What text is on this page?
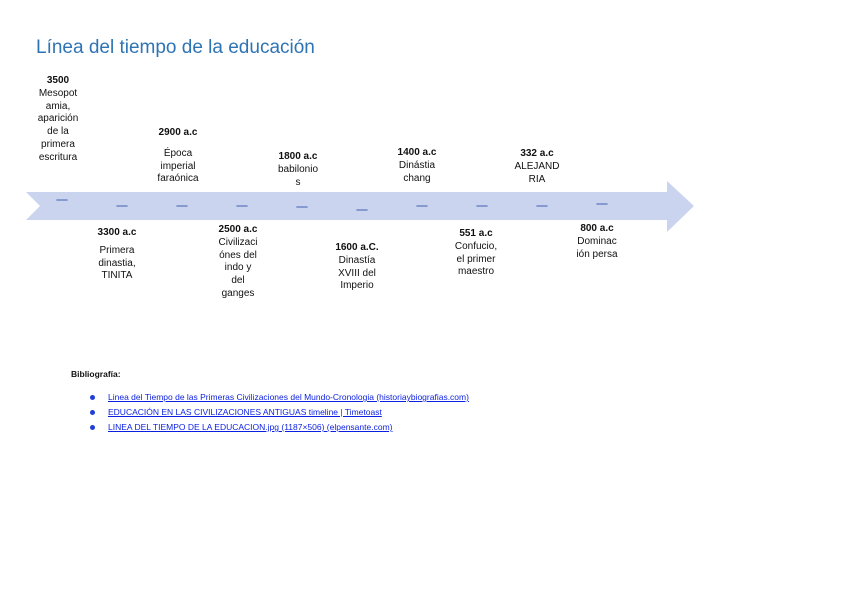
Línea del tiempo de la educación
3500
Mesopot
amia,
aparición
de la
primera
escritura
2900 a.c
Época
imperial
faraónica
1800 a.c
babilonio
s
1400 a.c
Dinástia
chang
332 a.c
ALEJAND
RIA
3300 a.c
Primera
dinastia,
TINITA
2500 a.c
Civilizaci
ónes del
indo y
del
ganges
1600 a.C.
Dinastía
XVIII del
Imperio
551 a.c
Confucio,
el primer
maestro
800 a.c
Dominac
ión persa
Bibliografía:
Linea del Tiempo de las Primeras Civilizaciones del Mundo-Cronologia (historiaybiografias.com)
EDUCACIÓN EN LAS CIVILIZACIONES ANTIGUAS timeline | Timetoast
LINEA DEL TIEMPO DE LA EDUCACION.jpg (1187×506) (elpensante.com)
